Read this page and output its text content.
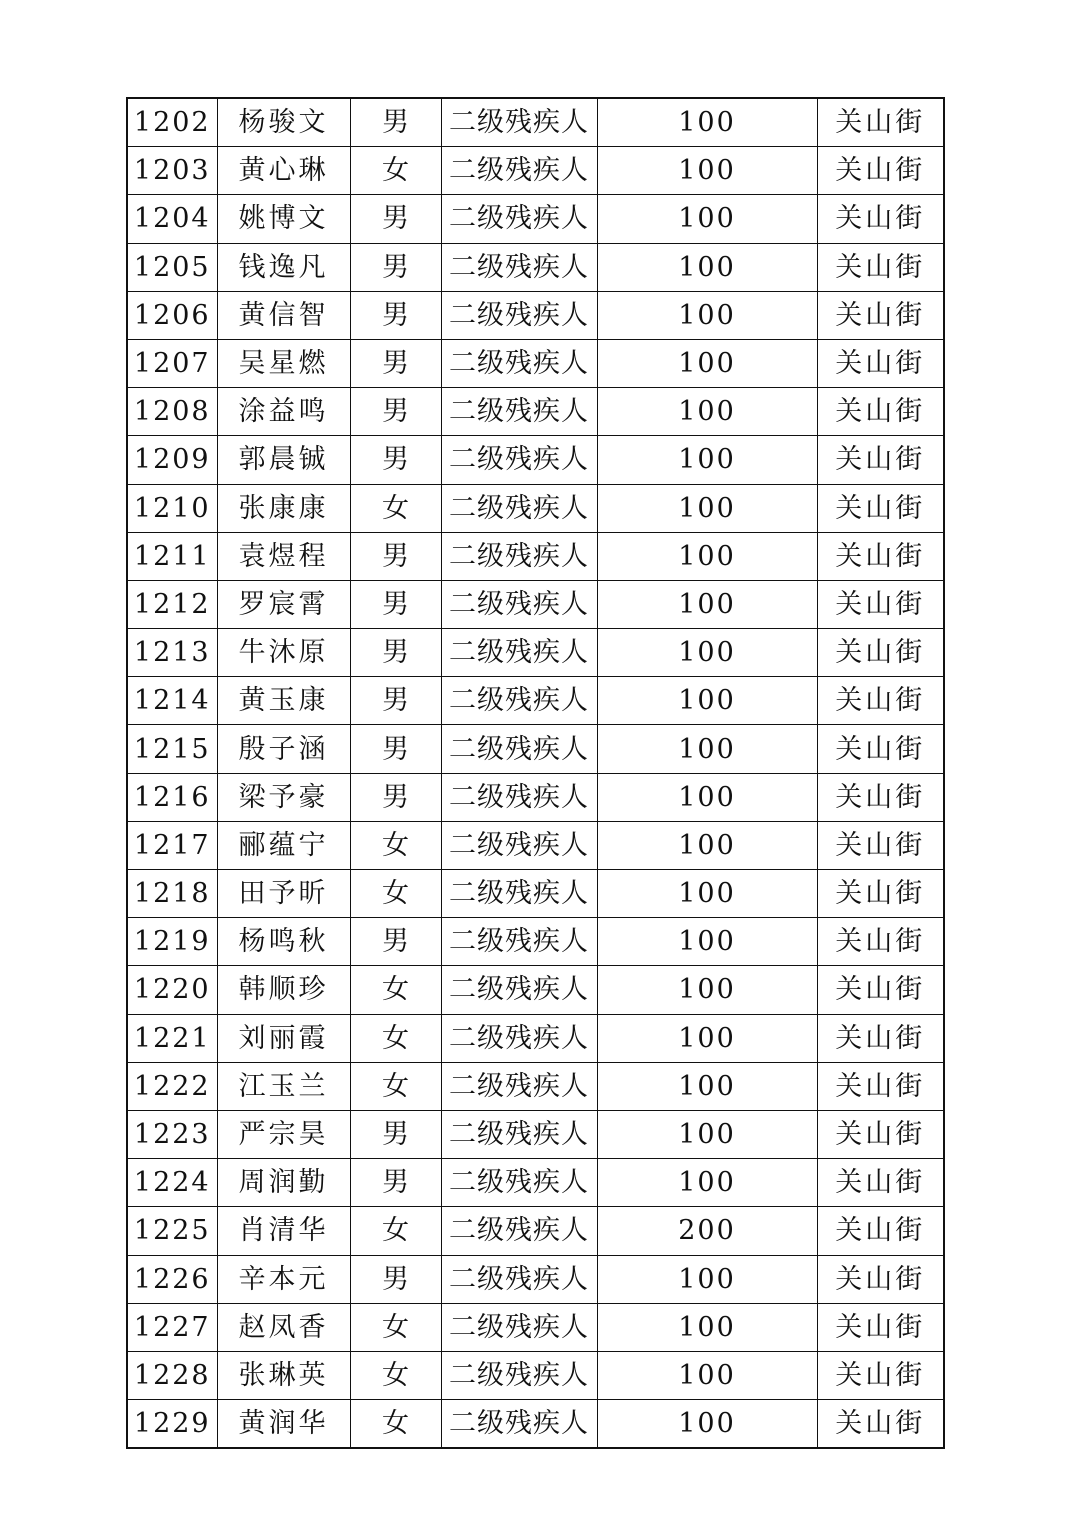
1202	杨骏文	男	二级残疾人	100	关山街
1203	黄心琳	女	二级残疾人	100	关山街
1204	姚博文	男	二级残疾人	100	关山街
1205	钱逸凡	男	二级残疾人	100	关山街
1206	黄信智	男	二级残疾人	100	关山街
1207	吴星燃	男	二级残疾人	100	关山街
1208	涂益鸣	男	二级残疾人	100	关山街
1209	郭晨铖	男	二级残疾人	100	关山街
1210	张康康	女	二级残疾人	100	关山街
1211	袁煜程	男	二级残疾人	100	关山街
1212	罗宸霄	男	二级残疾人	100	关山街
1213	牛沐原	男	二级残疾人	100	关山街
1214	黄玉康	男	二级残疾人	100	关山街
1215	殷子涵	男	二级残疾人	100	关山街
1216	梁予豪	男	二级残疾人	100	关山街
1217	郦蕴宁	女	二级残疾人	100	关山街
1218	田予昕	女	二级残疾人	100	关山街
1219	杨鸣秋	男	二级残疾人	100	关山街
1220	韩顺珍	女	二级残疾人	100	关山街
1221	刘丽霞	女	二级残疾人	100	关山街
1222	江玉兰	女	二级残疾人	100	关山街
1223	严宗昊	男	二级残疾人	100	关山街
1224	周润勤	男	二级残疾人	100	关山街
1225	肖清华	女	二级残疾人	200	关山街
1226	辛本元	男	二级残疾人	100	关山街
1227	赵凤香	女	二级残疾人	100	关山街
1228	张琳英	女	二级残疾人	100	关山街
1229	黄润华	女	二级残疾人	100	关山街
